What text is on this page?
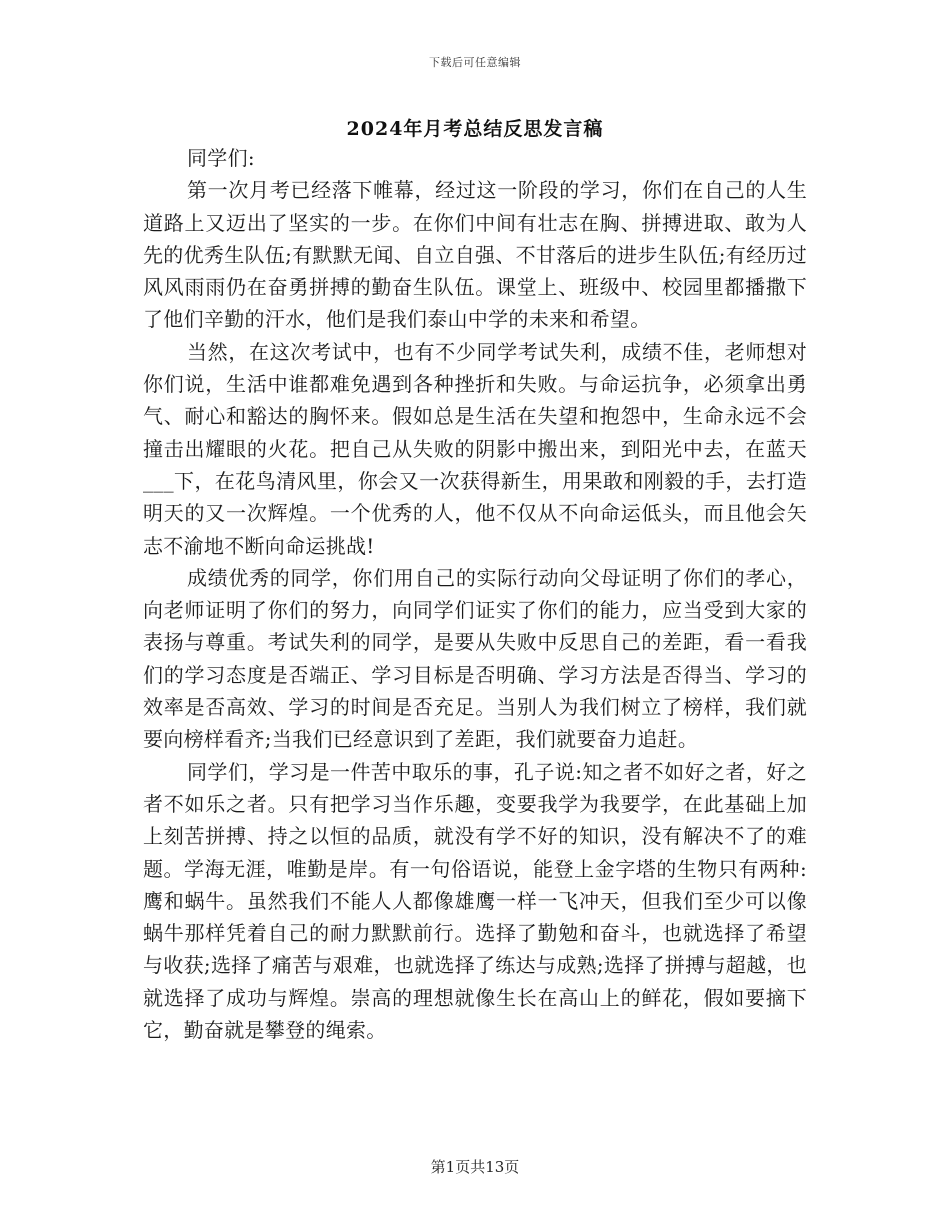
下载后可任意编辑
2024年月考总结反思发言稿

同学们:

第一次月考已经落下帷幕，经过这一阶段的学习，你们在自己的人生道路上又迈出了坚实的一步。在你们中间有壮志在胸、拼搏进取、敢为人先的优秀生队伍;有默默无闻、自立自强、不甘落后的进步生队伍;有经历过风风雨雨仍在奋勇拼搏的勤奋生队伍。课堂上、班级中、校园里都播撒下了他们辛勤的汗水，他们是我们泰山中学的未来和希望。

当然，在这次考试中，也有不少同学考试失利，成绩不佳，老师想对你们说，生活中谁都难免遇到各种挫折和失败。与命运抗争，必须拿出勇气、耐心和豁达的胸怀来。假如总是生活在失望和抱怨中，生命永远不会撞击出耀眼的火花。把自己从失败的阴影中搬出来，到阳光中去，在蓝天___下，在花鸟清风里，你会又一次获得新生，用果敢和刚毅的手，去打造明天的又一次辉煌。一个优秀的人，他不仅从不向命运低头，而且他会矢志不渝地不断向命运挑战!

成绩优秀的同学，你们用自己的实际行动向父母证明了你们的孝心，向老师证明了你们的努力，向同学们证实了你们的能力，应当受到大家的表扬与尊重。考试失利的同学，是要从失败中反思自己的差距，看一看我们的学习态度是否端正、学习目标是否明确、学习方法是否得当、学习的效率是否高效、学习的时间是否充足。当别人为我们树立了榜样，我们就要向榜样看齐;当我们已经意识到了差距，我们就要奋力追赶。

同学们，学习是一件苦中取乐的事，孔子说:知之者不如好之者，好之者不如乐之者。只有把学习当作乐趣，变要我学为我要学，在此基础上加上刻苦拼搏、持之以恒的品质，就没有学不好的知识，没有解决不了的难题。学海无涯，唯勤是岸。有一句俗语说，能登上金字塔的生物只有两种:鹰和蜗牛。虽然我们不能人人都像雄鹰一样一飞冲天，但我们至少可以像蜗牛那样凭着自己的耐力默默前行。选择了勤勉和奋斗，也就选择了希望与收获;选择了痛苦与艰难，也就选择了练达与成熟;选择了拼搏与超越，也就选择了成功与辉煌。崇高的理想就像生长在高山上的鲜花，假如要摘下它，勤奋就是攀登的绳索。

第1页共13页
